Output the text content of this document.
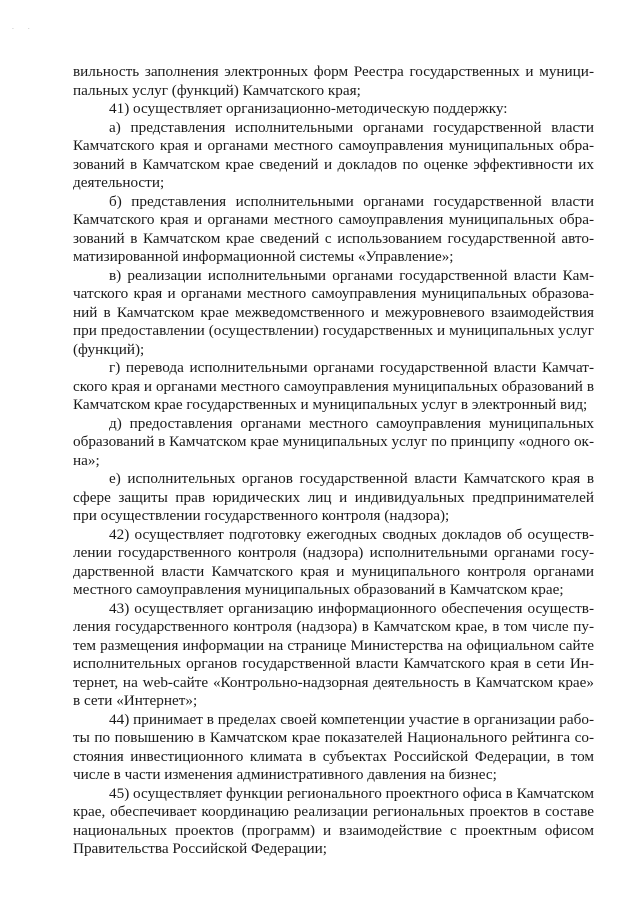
· ·

вильность заполнения электронных форм Реестра государственных и муниципальных услуг (функций) Камчатского края;

41) осуществляет организационно-методическую поддержку:

а) представления исполнительными органами государственной власти Камчатского края и органами местного самоуправления муниципальных образований в Камчатском крае сведений и докладов по оценке эффективности их деятельности;

б) представления исполнительными органами государственной власти Камчатского края и органами местного самоуправления муниципальных образований в Камчатском крае сведений с использованием государственной автоматизированной информационной системы «Управление»;

в) реализации исполнительными органами государственной власти Камчатского края и органами местного самоуправления муниципальных образований в Камчатском крае межведомственного и межуровневого взаимодействия при предоставлении (осуществлении) государственных и муниципальных услуг (функций);

г) перевода исполнительными органами государственной власти Камчатского края и органами местного самоуправления муниципальных образований в Камчатском крае государственных и муниципальных услуг в электронный вид;

д) предоставления органами местного самоуправления муниципальных образований в Камчатском крае муниципальных услуг по принципу «одного окна»;

е) исполнительных органов государственной власти Камчатского края в сфере защиты прав юридических лиц и индивидуальных предпринимателей при осуществлении государственного контроля (надзора);

42) осуществляет подготовку ежегодных сводных докладов об осуществлении государственного контроля (надзора) исполнительными органами государственной власти Камчатского края и муниципального контроля органами местного самоуправления муниципальных образований в Камчатском крае;

43) осуществляет организацию информационного обеспечения осуществления государственного контроля (надзора) в Камчатском крае, в том числе путем размещения информации на странице Министерства на официальном сайте исполнительных органов государственной власти Камчатского края в сети Интернет, на web-сайте «Контрольно-надзорная деятельность в Камчатском крае» в сети «Интернет»;

44) принимает в пределах своей компетенции участие в организации работы по повышению в Камчатском крае показателей Национального рейтинга состояния инвестиционного климата в субъектах Российской Федерации, в том числе в части изменения административного давления на бизнес;

45) осуществляет функции регионального проектного офиса в Камчатском крае, обеспечивает координацию реализации региональных проектов в составе национальных проектов (программ) и взаимодействие с проектным офисом Правительства Российской Федерации;
